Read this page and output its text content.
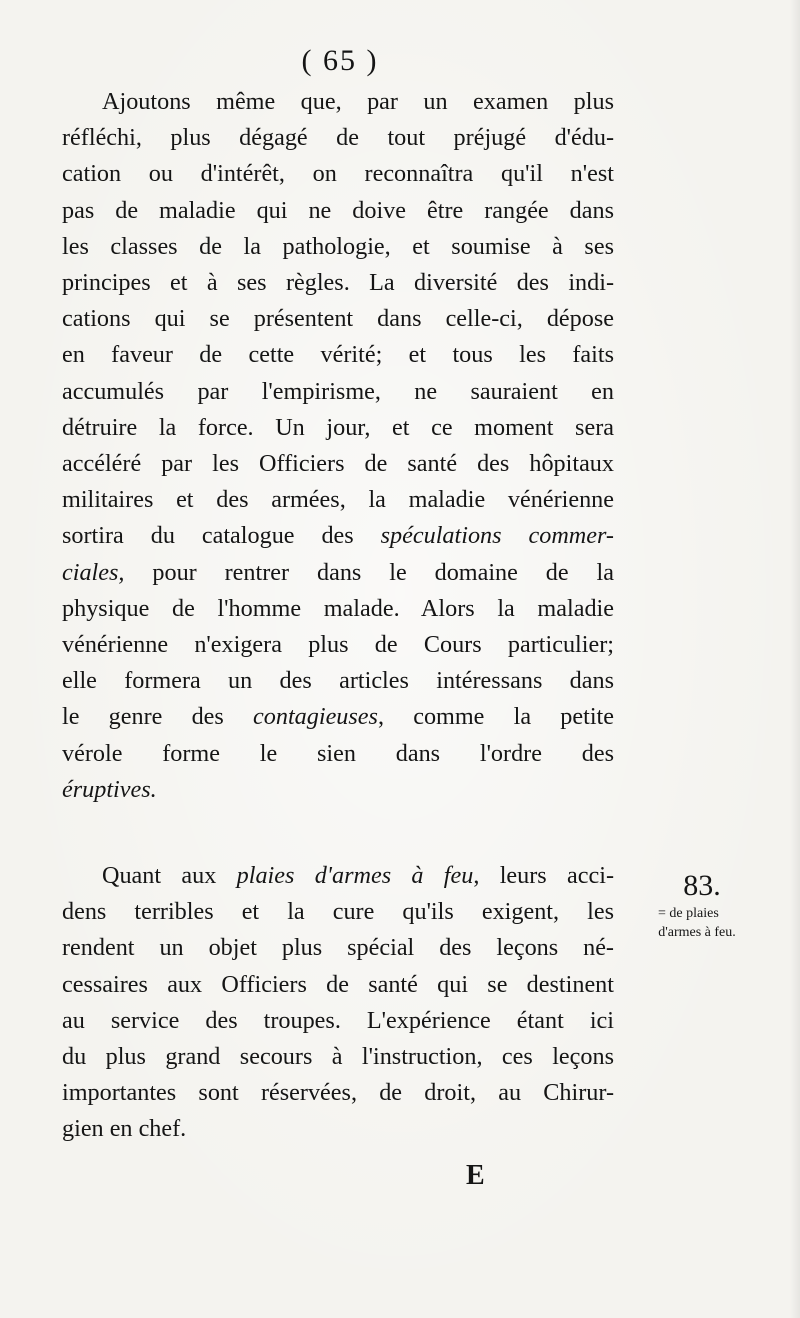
( 65 )

Ajoutons même que, par un examen plus
réfléchi, plus dégagé de tout préjugé d'édu-
cation ou d'intérêt, on reconnaîtra qu'il n'est
pas de maladie qui ne doive être rangée dans
les classes de la pathologie, et soumise à ses
principes et à ses règles. La diversité des indi-
cations qui se présentent dans celle-ci, dépose
en faveur de cette vérité; et tous les faits
accumulés par l'empirisme, ne sauraient en
détruire la force. Un jour, et ce moment sera
accéléré par les Officiers de santé des hôpitaux
militaires et des armées, la maladie vénérienne
sortira du catalogue des spéculations commer-
ciales, pour rentrer dans le domaine de la
physique de l'homme malade. Alors la maladie
vénérienne n'exigera plus de Cours particulier;
elle formera un des articles intéressans dans
le genre des contagieuses, comme la petite
vérole forme le sien dans l'ordre des
éruptives.

Quant aux plaies d'armes à feu, leurs acci-
dens terribles et la cure qu'ils exigent, les
rendent un objet plus spécial des leçons né-
cessaires aux Officiers de santé qui se destinent
au service des troupes. L'expérience étant ici
du plus grand secours à l'instruction, ces leçons
importantes sont réservées, de droit, au Chirur-
gien en chef.

83.
= de plaies
d'armes à feu.
E
